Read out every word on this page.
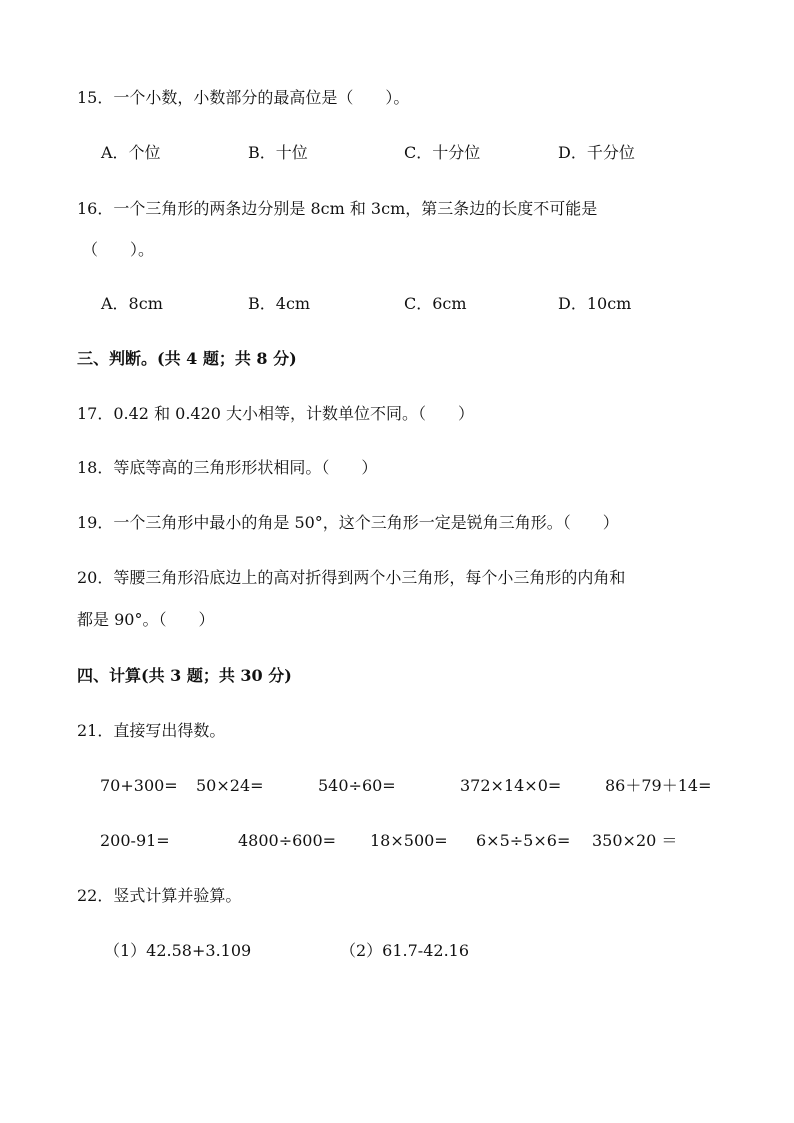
15．一个小数，小数部分的最高位是（　　）。
A．个位	B．十位	C．十分位	D．千分位
16．一个三角形的两条边分别是 8cm 和 3cm，第三条边的长度不可能是
（　　）。
A．8cm	B．4cm	C．6cm	D．10cm
三、判断。(共 4 题；共 8 分)
17．0.42 和 0.420 大小相等，计数单位不同。（　　）
18．等底等高的三角形形状相同。（　　）
19．一个三角形中最小的角是 50°，这个三角形一定是锐角三角形。（　　）
20．等腰三角形沿底边上的高对折得到两个小三角形，每个小三角形的内角和
都是 90°。（　　）
四、计算(共 3 题；共 30 分)
21．直接写出得数。
70+300= 50×24=	540÷60=	372×14×0=	86＋79＋14=
200-91=	4800÷600= 18×500= 6×5÷5×6= 350×20 ＝
22．竖式计算并验算。
（1）42.58+3.109	（2）61.7-42.16
